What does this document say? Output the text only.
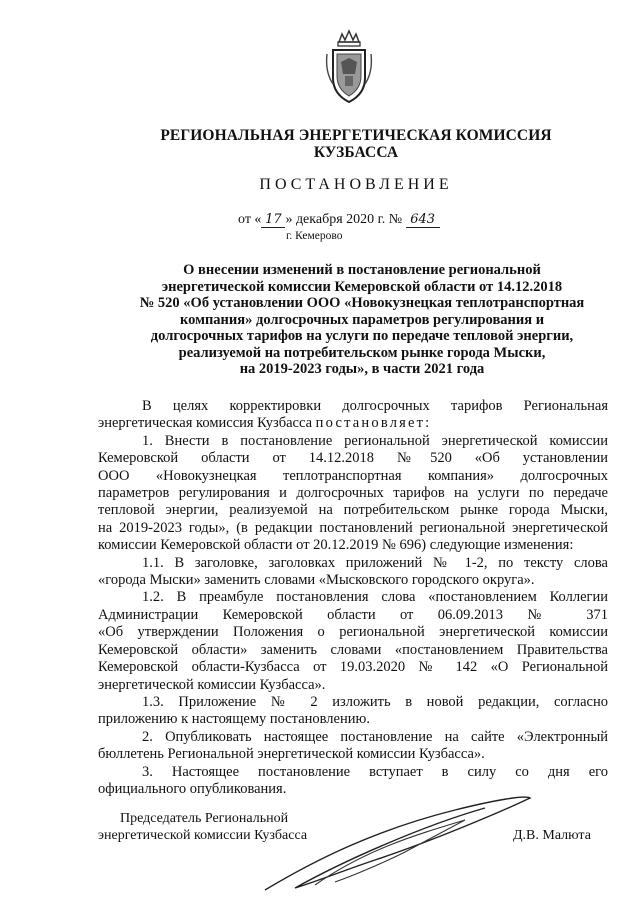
РЕГИОНАЛЬНАЯ ЭНЕРГЕТИЧЕСКАЯ КОМИССИЯ
КУЗБАССА
ПОСТАНОВЛЕНИЕ
от « 17 » декабря 2020 г. № 643
г. Кемерово
О внесении изменений в постановление региональной
энергетической комиссии Кемеровской области от 14.12.2018
№ 520 «Об установлении ООО «Новокузнецкая теплотранспортная
компания» долгосрочных параметров регулирования и
долгосрочных тарифов на услуги по передаче тепловой энергии,
реализуемой на потребительском рынке города Мыски,
на 2019-2023 годы», в части 2021 года
В целях корректировки долгосрочных тарифов Региональная
энергетическая комиссия Кузбасса постановляет:
1. Внести в постановление региональной энергетической комиссии
Кемеровской области от 14.12.2018 №520 «Об установлении
ООО «Новокузнецкая теплотранспортная компания» долгосрочных
параметров регулирования и долгосрочных тарифов на услуги по передаче
тепловой энергии, реализуемой на потребительском рынке города Мыски,
на 2019-2023 годы», (в редакции постановлений региональной энергетической
комиссии Кемеровской области от 20.12.2019 № 696) следующие изменения:
1.1. В заголовке, заголовках приложений № 1-2, по тексту слова
«города Мыски» заменить словами «Мысковского городского округа».
1.2. В преамбуле постановления слова «постановлением Коллегии
Администрации Кемеровской области от 06.09.2013 № 371
«Об утверждении Положения о региональной энергетической комиссии
Кемеровской области» заменить словами «постановлением Правительства
Кемеровской области-Кузбасса от 19.03.2020 № 142 «О Региональной
энергетической комиссии Кузбасса».
1.3. Приложение № 2 изложить в новой редакции, согласно
приложению к настоящему постановлению.
2. Опубликовать настоящее постановление на сайте «Электронный
бюллетень Региональной энергетической комиссии Кузбасса».
3. Настоящее постановление вступает в силу со дня его
официального опубликования.
Председатель Региональной
энергетической комиссии Кузбасса	Д.В. Малюта
